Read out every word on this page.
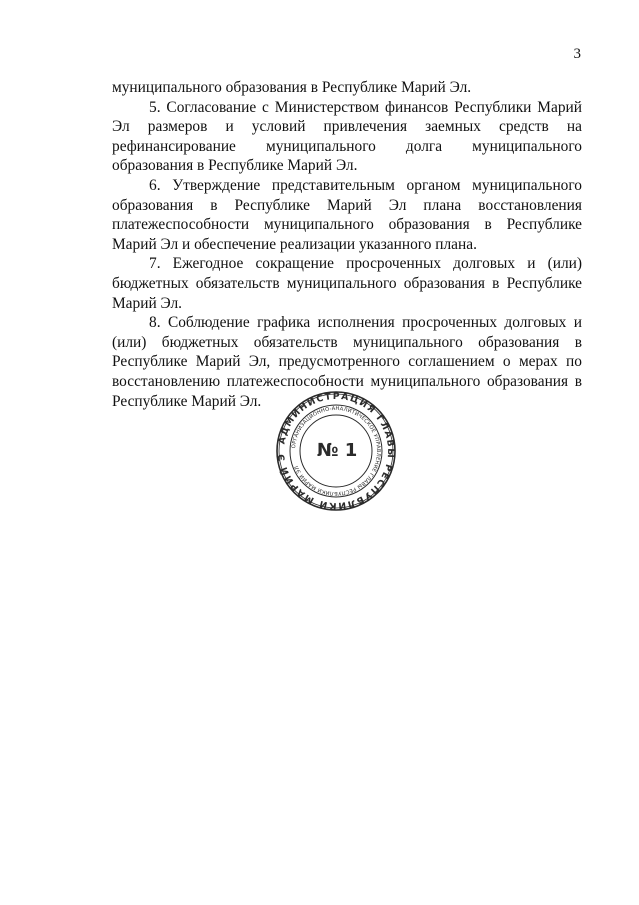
3

муниципального образования в Республике Марий Эл.

5. Согласование с Министерством финансов Республики Марий Эл размеров и условий привлечения заемных средств на рефинансирование муниципального долга муниципального образования в Республике Марий Эл.

6. Утверждение представительным органом муниципального образования в Республике Марий Эл плана восстановления платежеспособности муниципального образования в Республике Марий Эл и обеспечение реализации указанного плана.

7. Ежегодное сокращение просроченных долговых и (или) бюджетных обязательств муниципального образования в Республике Марий Эл.

8. Соблюдение графика исполнения просроченных долговых и (или) бюджетных обязательств муниципального образования в Республике Марий Эл, предусмотренного соглашением о мерах по восстановлению платежеспособности муниципального образования в Республике Марий Эл.

АДМИНИСТРАЦИЯ ГЛАВЫ РЕСПУБЛИКИ МАРИЙ Э
ОРГАНИЗАЦИОННО-АНАЛИТИЧЕСКОЕ УПРАВЛЕНИЕ ГЛАВЫ РЕСПУБЛИКИ МАРИЙ ЭЛ
№ 1
